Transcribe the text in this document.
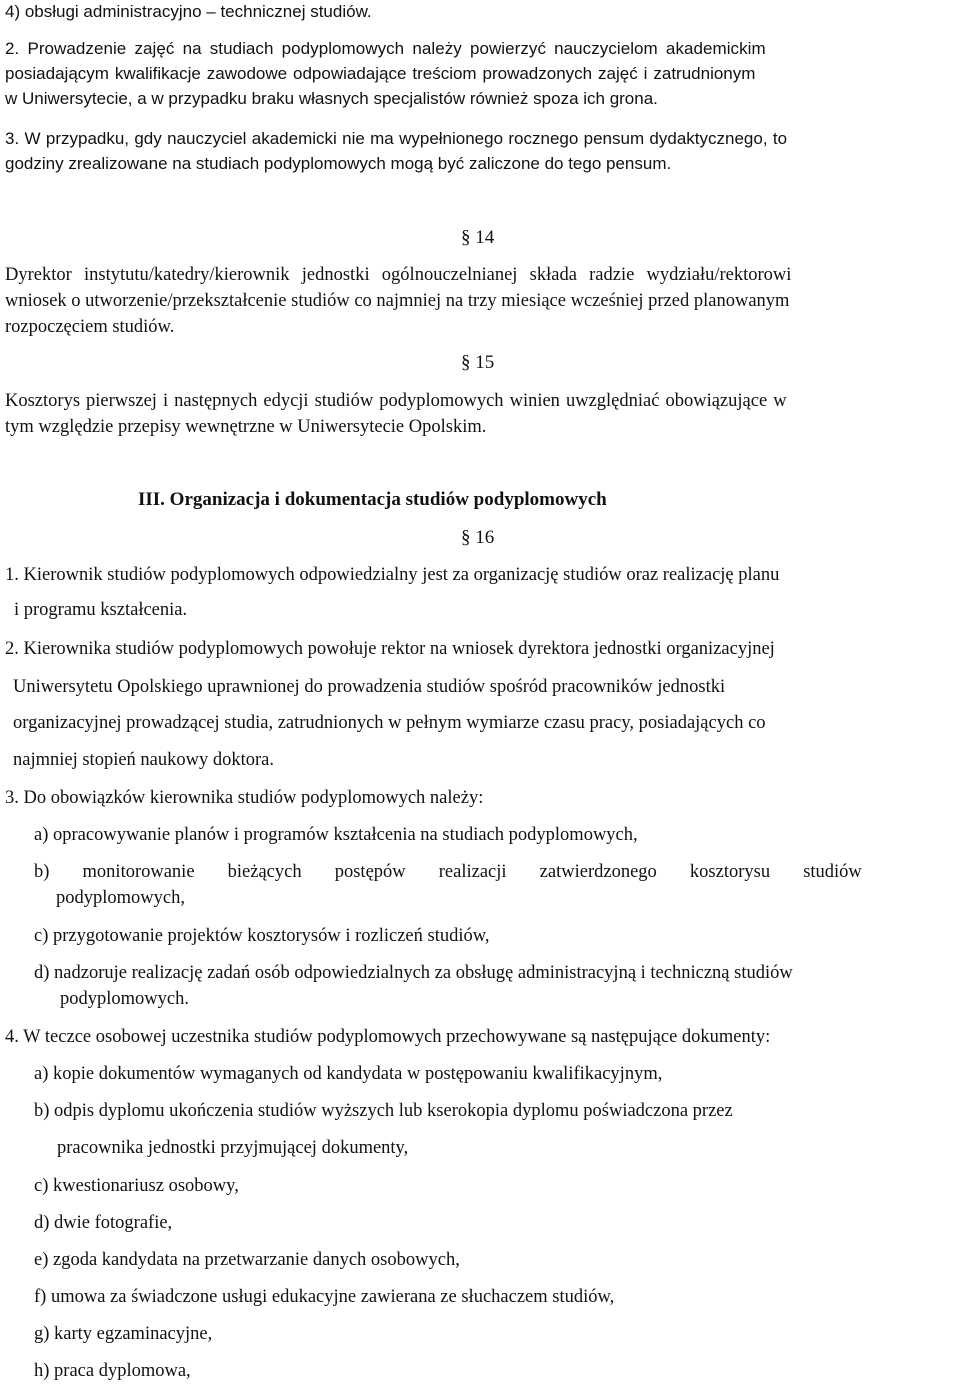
4) obsługi administracyjno – technicznej studiów.
2. Prowadzenie zajęć na studiach podyplomowych należy powierzyć nauczycielom akademickim
posiadającym kwalifikacje zawodowe odpowiadające treściom prowadzonych zajęć i zatrudnionym
w Uniwersytecie, a w przypadku braku własnych specjalistów również spoza ich grona.
3. W przypadku, gdy nauczyciel akademicki nie ma wypełnionego rocznego pensum dydaktycznego, to
godziny zrealizowane na studiach podyplomowych mogą być zaliczone do tego pensum.
§ 14
Dyrektor instytutu/katedry/kierownik jednostki ogólnouczelnianej składa radzie wydziału/rektorowi
wniosek o utworzenie/przekształcenie studiów co najmniej na trzy miesiące wcześniej przed planowanym
rozpoczęciem studiów.
§ 15
Kosztorys pierwszej i następnych edycji studiów podyplomowych winien uwzględniać obowiązujące w
tym względzie przepisy wewnętrzne w Uniwersytecie Opolskim.
III. Organizacja i dokumentacja studiów podyplomowych
§ 16
1. Kierownik studiów podyplomowych odpowiedzialny jest za organizację studiów oraz realizację planu
i programu kształcenia.
2. Kierownika studiów podyplomowych powołuje rektor na wniosek dyrektora jednostki organizacyjnej
Uniwersytetu Opolskiego uprawnionej do prowadzenia studiów spośród pracowników jednostki
organizacyjnej prowadzącej studia, zatrudnionych w pełnym wymiarze czasu pracy, posiadających co
najmniej stopień naukowy doktora.
3. Do obowiązków kierownika studiów podyplomowych należy:
a) opracowywanie planów i programów kształcenia na studiach podyplomowych,
b) monitorowanie bieżących postępów realizacji zatwierdzonego kosztorysu studiów
podyplomowych,
c) przygotowanie projektów kosztorysów i rozliczeń studiów,
d) nadzoruje realizację zadań osób odpowiedzialnych za obsługę administracyjną i techniczną studiów
podyplomowych.
4. W teczce osobowej uczestnika studiów podyplomowych przechowywane są następujące dokumenty:
a) kopie dokumentów wymaganych od kandydata w postępowaniu kwalifikacyjnym,
b) odpis dyplomu ukończenia studiów wyższych lub kserokopia dyplomu poświadczona przez
pracownika jednostki przyjmującej dokumenty,
c) kwestionariusz osobowy,
d) dwie fotografie,
e) zgoda kandydata na przetwarzanie danych osobowych,
f) umowa za świadczone usługi edukacyjne zawierana ze słuchaczem studiów,
g) karty egzaminacyjne,
h) praca dyplomowa,
